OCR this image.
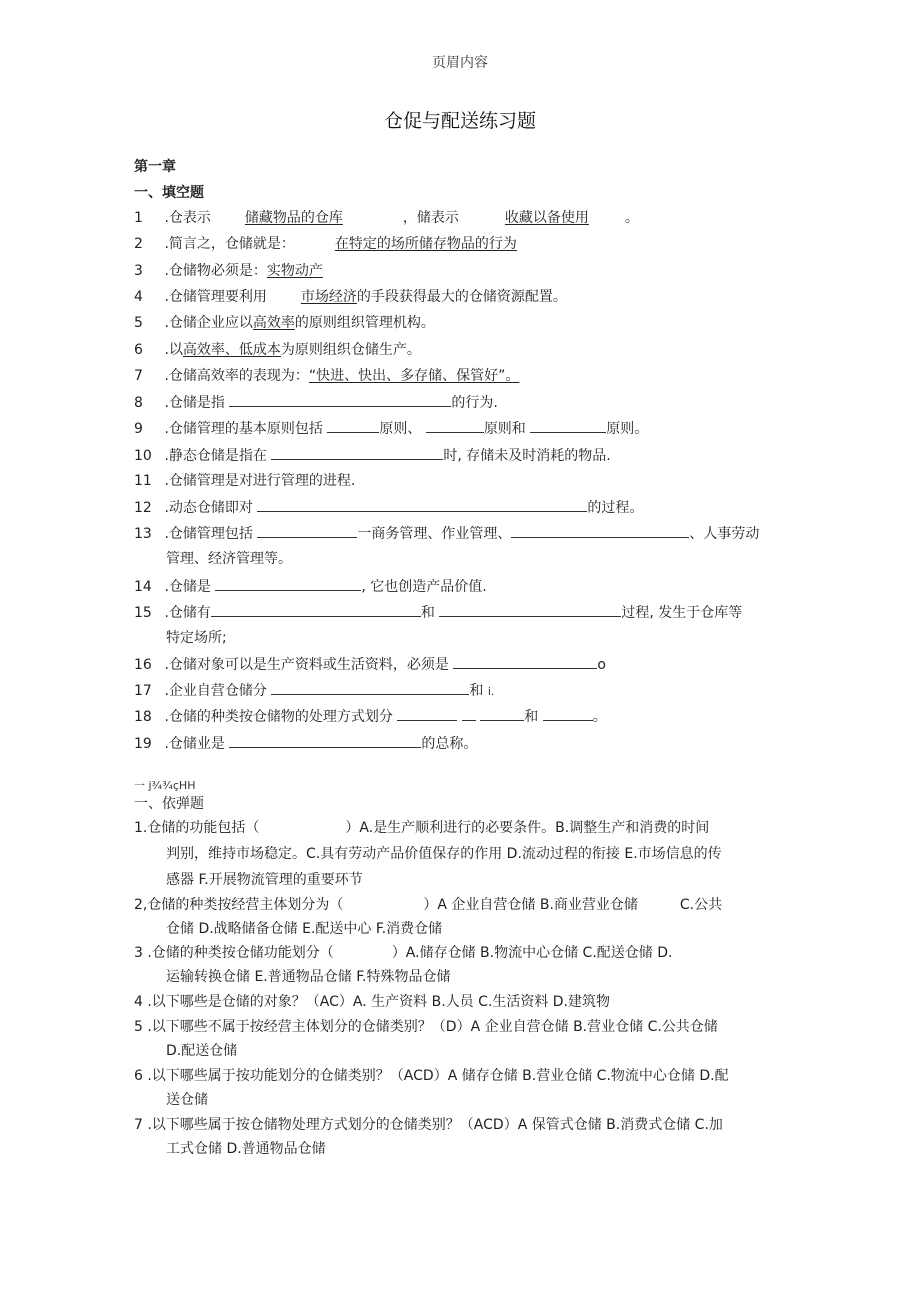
页眉内容
仓促与配送练习题
第一章
一、填空题
1 .仓表示 储藏物品的仓库	，储表示	收藏以备使用	。
2 .简言之，仓储就是：	在特定的场所储存物品的行为
3 .仓储物必须是：实物动产
4 .仓储管理要利用 市场经济的手段获得最大的仓储资源配置。
5 .仓储企业应以高效率的原则组织管理机构。
6 .以高效率、低成本为原则组织仓储生产。
7 .仓储高效率的表现为：“快进、快出、多存储、保管好”。
8 .仓储是指	的行为.
9 .仓储管理的基本原则包括	原则、	原则和	原则。
10 .静态仓储是指在	时, 存储未及时消耗的物品.
11 .仓储管理是对进行管理的进程.
12 .动态仓储即对	的过程。
13 .仓储管理包括	一商务管理、作业管理、	、人事劳动
管理、经济管理等。
14 .仓储是	, 它也创造产品价值.
15 .仓储有	和	过程, 发生于仓库等
特定场所;
16 .仓储对象可以是生产资料或生活资料，必须是	o
17 .企业自营仓储分	和 i.
18 .仓储的种类按仓储物的处理方式划分	和	。
19 .仓储业是	的总称。
一 j¾¾çHH
一、依弹题
1.仓储的功能包括（	）A.是生产顺利进行的必要条件。B.调整生产和消费的时间
判别，维持市场稳定。C.具有劳动产品价值保存的作用 D.流动过程的衔接 E.市场信息的传
感器 F.开展物流管理的重要环节
2,仓储的种类按经营主体划分为（	）A 企业自营仓储 B.商业营业仓储	C.公共
仓储 D.战略储备仓储 E.配送中心 F.消费仓储
3 .仓储的种类按仓储功能划分（	）A.储存仓储 B.物流中心仓储 C.配送仓储 D.
运输转换仓储 E.普通物品仓储 F.特殊物品仓储
4 .以下哪些是仓储的对象？（AC）A. 生产资料 B.人员 C.生活资料 D.建筑物
5 .以下哪些不属于按经营主体划分的仓储类别？（D）A 企业自营仓储 B.营业仓储 C.公共仓储
D.配送仓储
6 .以下哪些属于按功能划分的仓储类别？（ACD）A 储存仓储 B.营业仓储 C.物流中心仓储 D.配
送仓储
7 .以下哪些属于按仓储物处理方式划分的仓储类别？（ACD）A 保管式仓储 B.消费式仓储 C.加
工式仓储 D.普通物品仓储
